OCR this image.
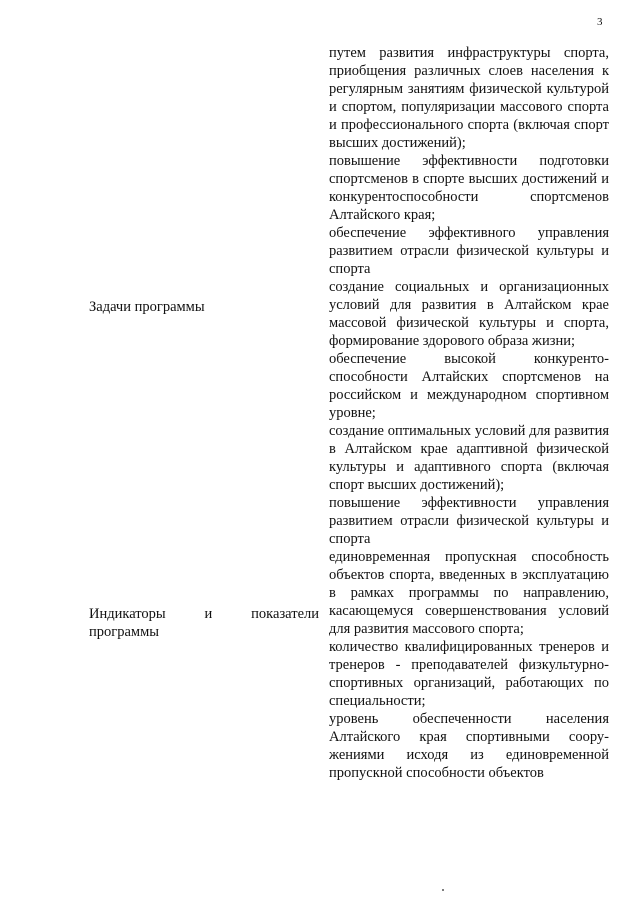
3

путем развития инфраструктуры спорта, приобщения различных слоев населения к регулярным занятиям физической культурой и спортом, популяризации массового спорта и профессионального спорта (включая спорт высших достижений);

повышение эффективности подготовки спортсменов в спорте высших достижений и конкурентоспособности спортсменов Алтайского края;

обеспечение эффективного управления развитием отрасли физической культуры и спорта

создание социальных и организационных условий для развития в Алтайском крае массовой физической культуры и спорта, формирование здорового образа жизни;

обеспечение высокой конкурентоспособности Алтайских спортсменов на российском и международном спортивном уровне;

создание оптимальных условий для развития в Алтайском крае адаптивной физической культуры и адаптивного спорта (включая спорт высших достижений);

повышение эффективности управления развитием отрасли физической культуры и спорта

единовременная пропускная способность объектов спорта, введенных в эксплуатацию в рамках программы по направлению, касающемуся совершенствования условий для развития массового спорта;

количество квалифицированных тренеров и тренеров - преподавателей физкультурно-спортивных организаций, работающих по специальности;

уровень обеспеченности населения Алтайского края спортивными сооружениями исходя из единовременной пропускной способности объектов

Задачи программы
Индикаторы и показатели
программы
